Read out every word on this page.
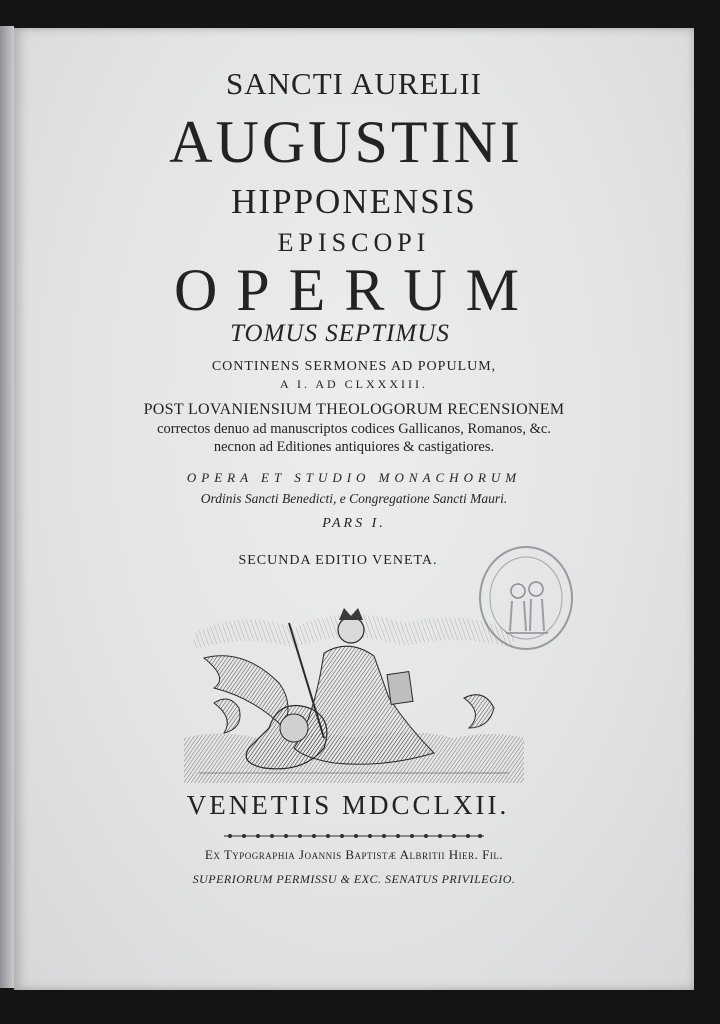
SANCTI AURELII
AUGUSTINI
HIPPONENSIS
EPISCOPI
OPERUM
TOMUS SEPTIMUS
CONTINENS SERMONES AD POPULUM,
A I. AD CLXXXIII.
POST LOVANIENSIUM THEOLOGORUM RECENSIONEM
correctos denuo ad manuscriptos codices Gallicanos, Romanos, &c.
necnon ad Editiones antiquiores & castigatiores.
OPERA ET STUDIO MONACHORUM
Ordinis Sancti Benedicti, e Congregatione Sancti Mauri.
PARS I.
SECUNDA EDITIO VENETA.
VENETIIS MDCCLXII.
Ex Typographia Joannis Baptistæ Albritii Hier. Fil.
SUPERIORUM PERMISSU & EXC. SENATUS PRIVILEGIO.
